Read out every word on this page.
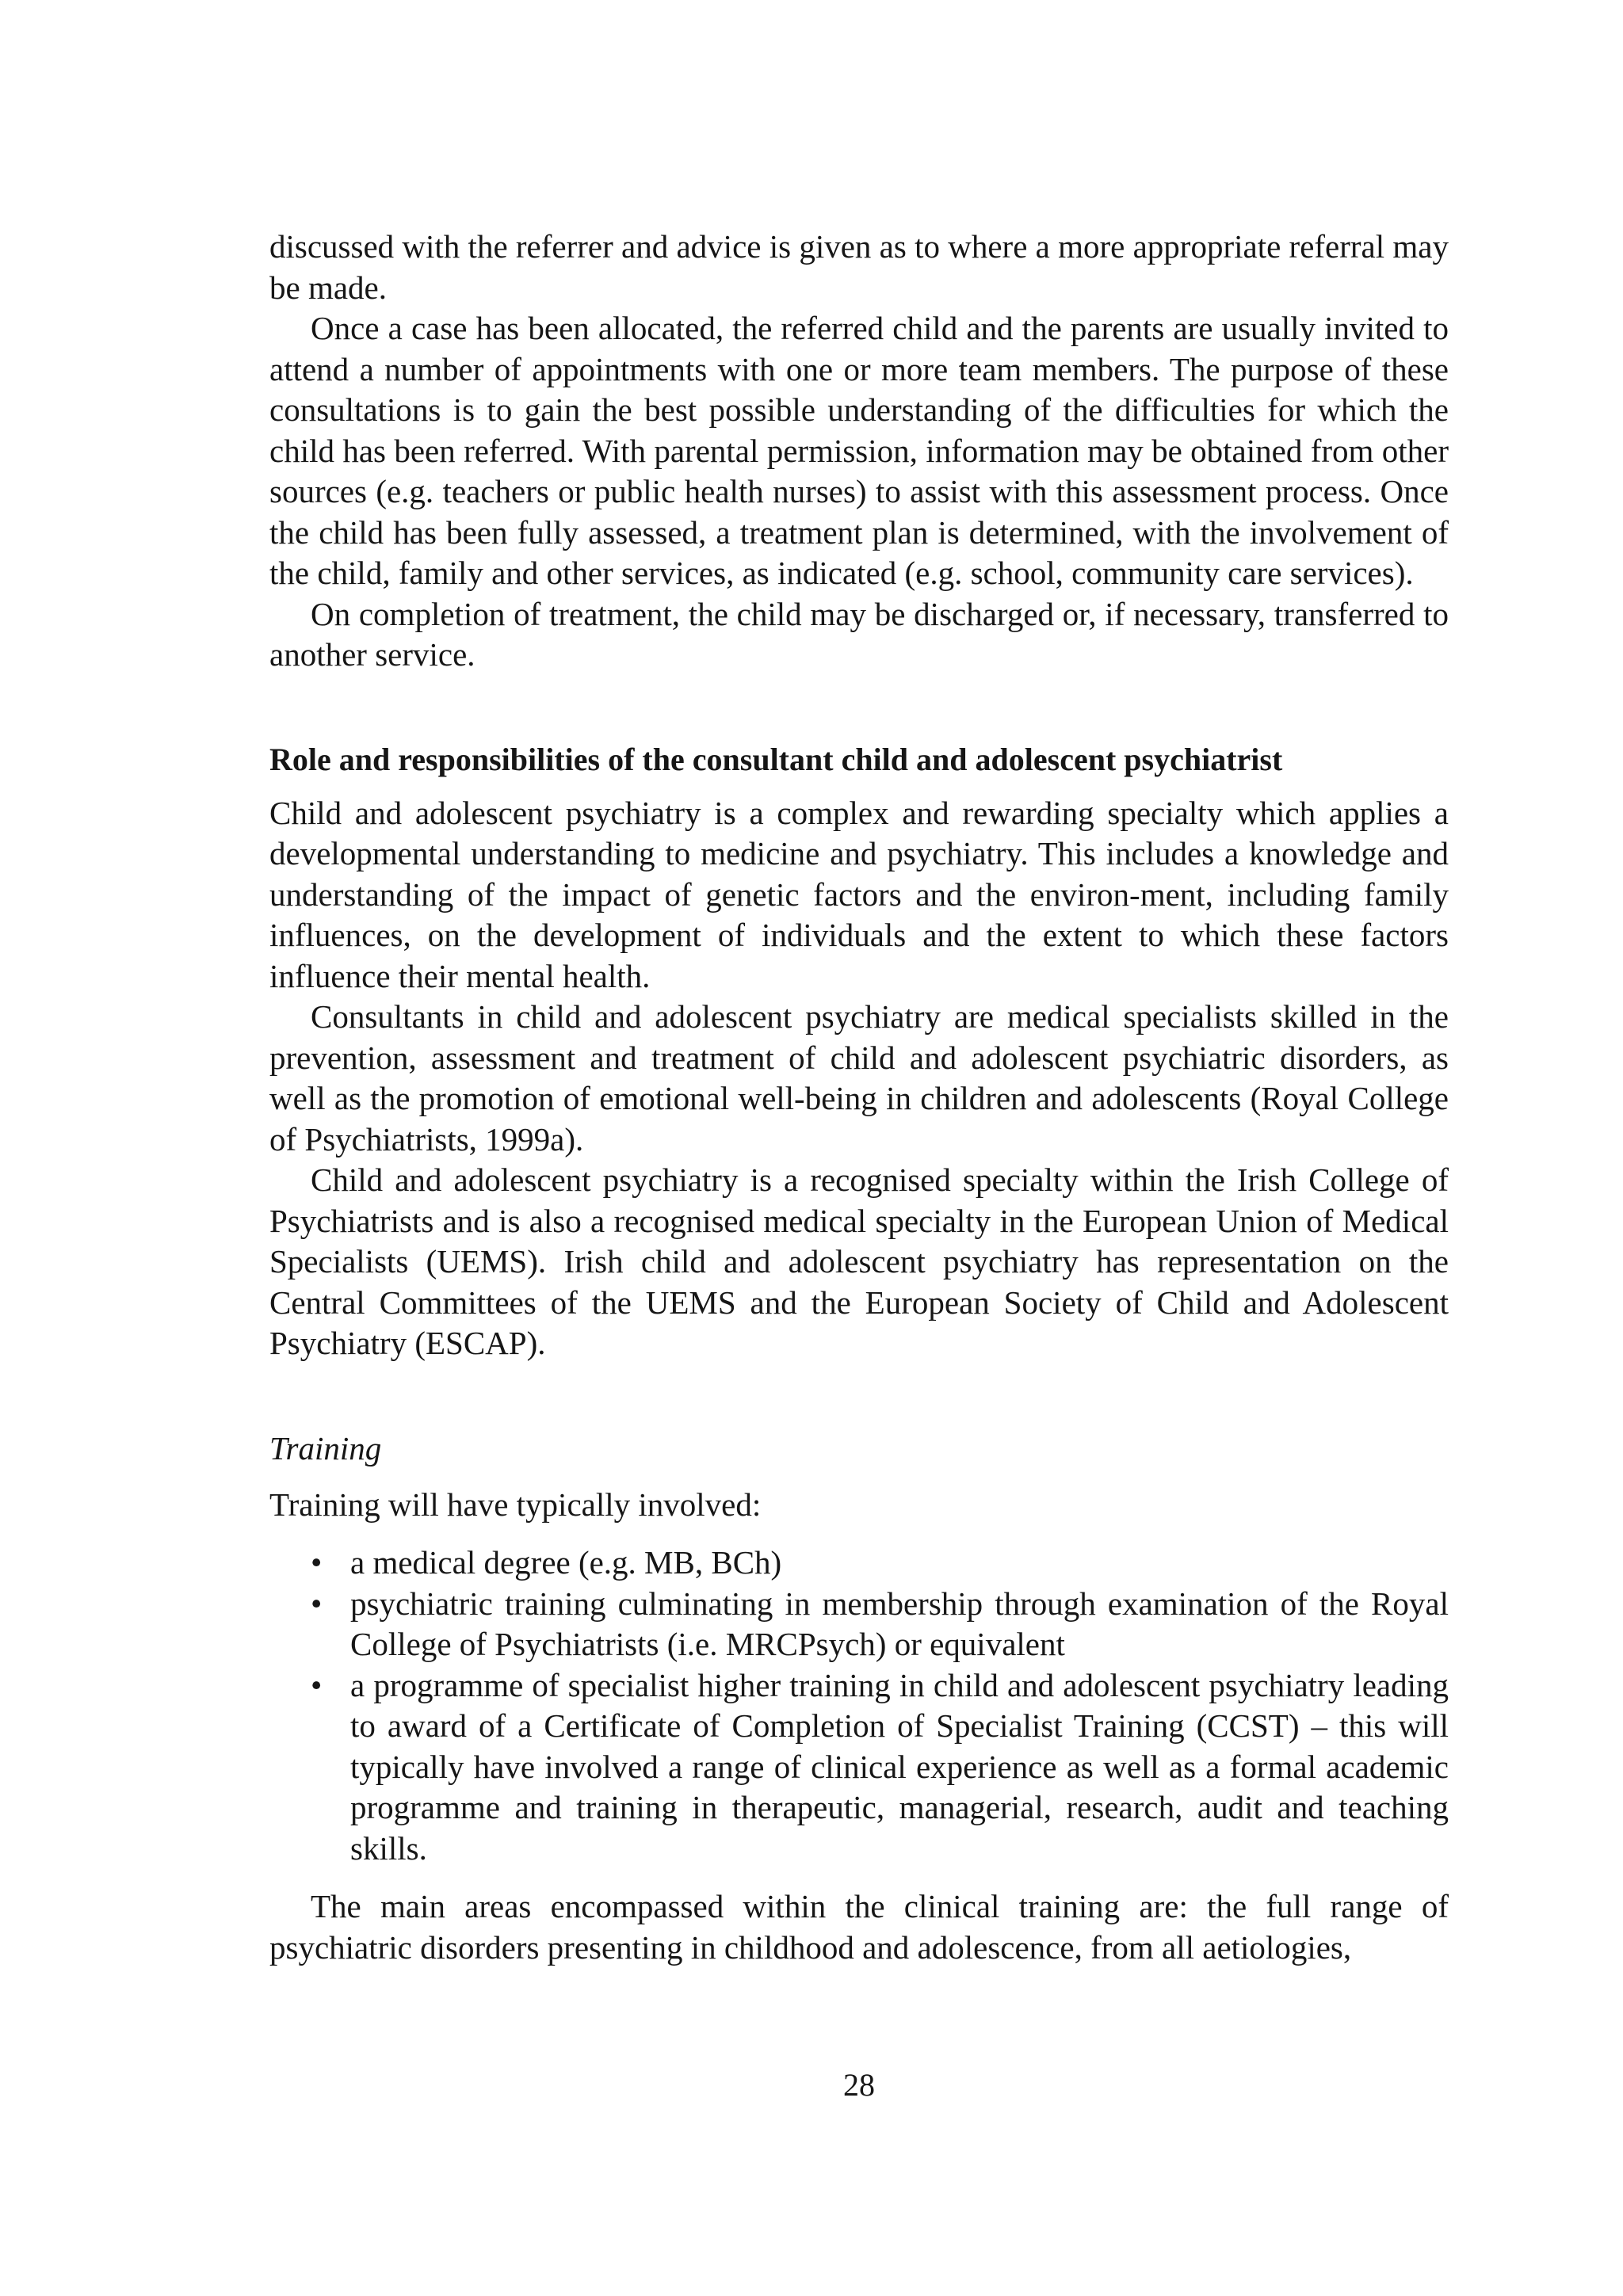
discussed with the referrer and advice is given as to where a more appropriate referral may be made.

Once a case has been allocated, the referred child and the parents are usually invited to attend a number of appointments with one or more team members. The purpose of these consultations is to gain the best possible understanding of the difficulties for which the child has been referred. With parental permission, information may be obtained from other sources (e.g. teachers or public health nurses) to assist with this assessment process. Once the child has been fully assessed, a treatment plan is determined, with the involvement of the child, family and other services, as indicated (e.g. school, community care services).

On completion of treatment, the child may be discharged or, if necessary, transferred to another service.

Role and responsibilities of the consultant child and adolescent psychiatrist

Child and adolescent psychiatry is a complex and rewarding specialty which applies a developmental understanding to medicine and psychiatry. This includes a knowledge and understanding of the impact of genetic factors and the environ-ment, including family influences, on the development of individuals and the extent to which these factors influence their mental health.

Consultants in child and adolescent psychiatry are medical specialists skilled in the prevention, assessment and treatment of child and adolescent psychiatric disorders, as well as the promotion of emotional well-being in children and adolescents (Royal College of Psychiatrists, 1999a).

Child and adolescent psychiatry is a recognised specialty within the Irish College of Psychiatrists and is also a recognised medical specialty in the European Union of Medical Specialists (UEMS). Irish child and adolescent psychiatry has representation on the Central Committees of the UEMS and the European Society of Child and Adolescent Psychiatry (ESCAP).

Training

Training will have typically involved:

• a medical degree (e.g. MB, BCh)
• psychiatric training culminating in membership through examination of the Royal College of Psychiatrists (i.e. MRCPsych) or equivalent
• a programme of specialist higher training in child and adolescent psychiatry leading to award of a Certificate of Completion of Specialist Training (CCST) – this will typically have involved a range of clinical experience as well as a formal academic programme and training in therapeutic, managerial, research, audit and teaching skills.

The main areas encompassed within the clinical training are: the full range of psychiatric disorders presenting in childhood and adolescence, from all aetiologies,

28
